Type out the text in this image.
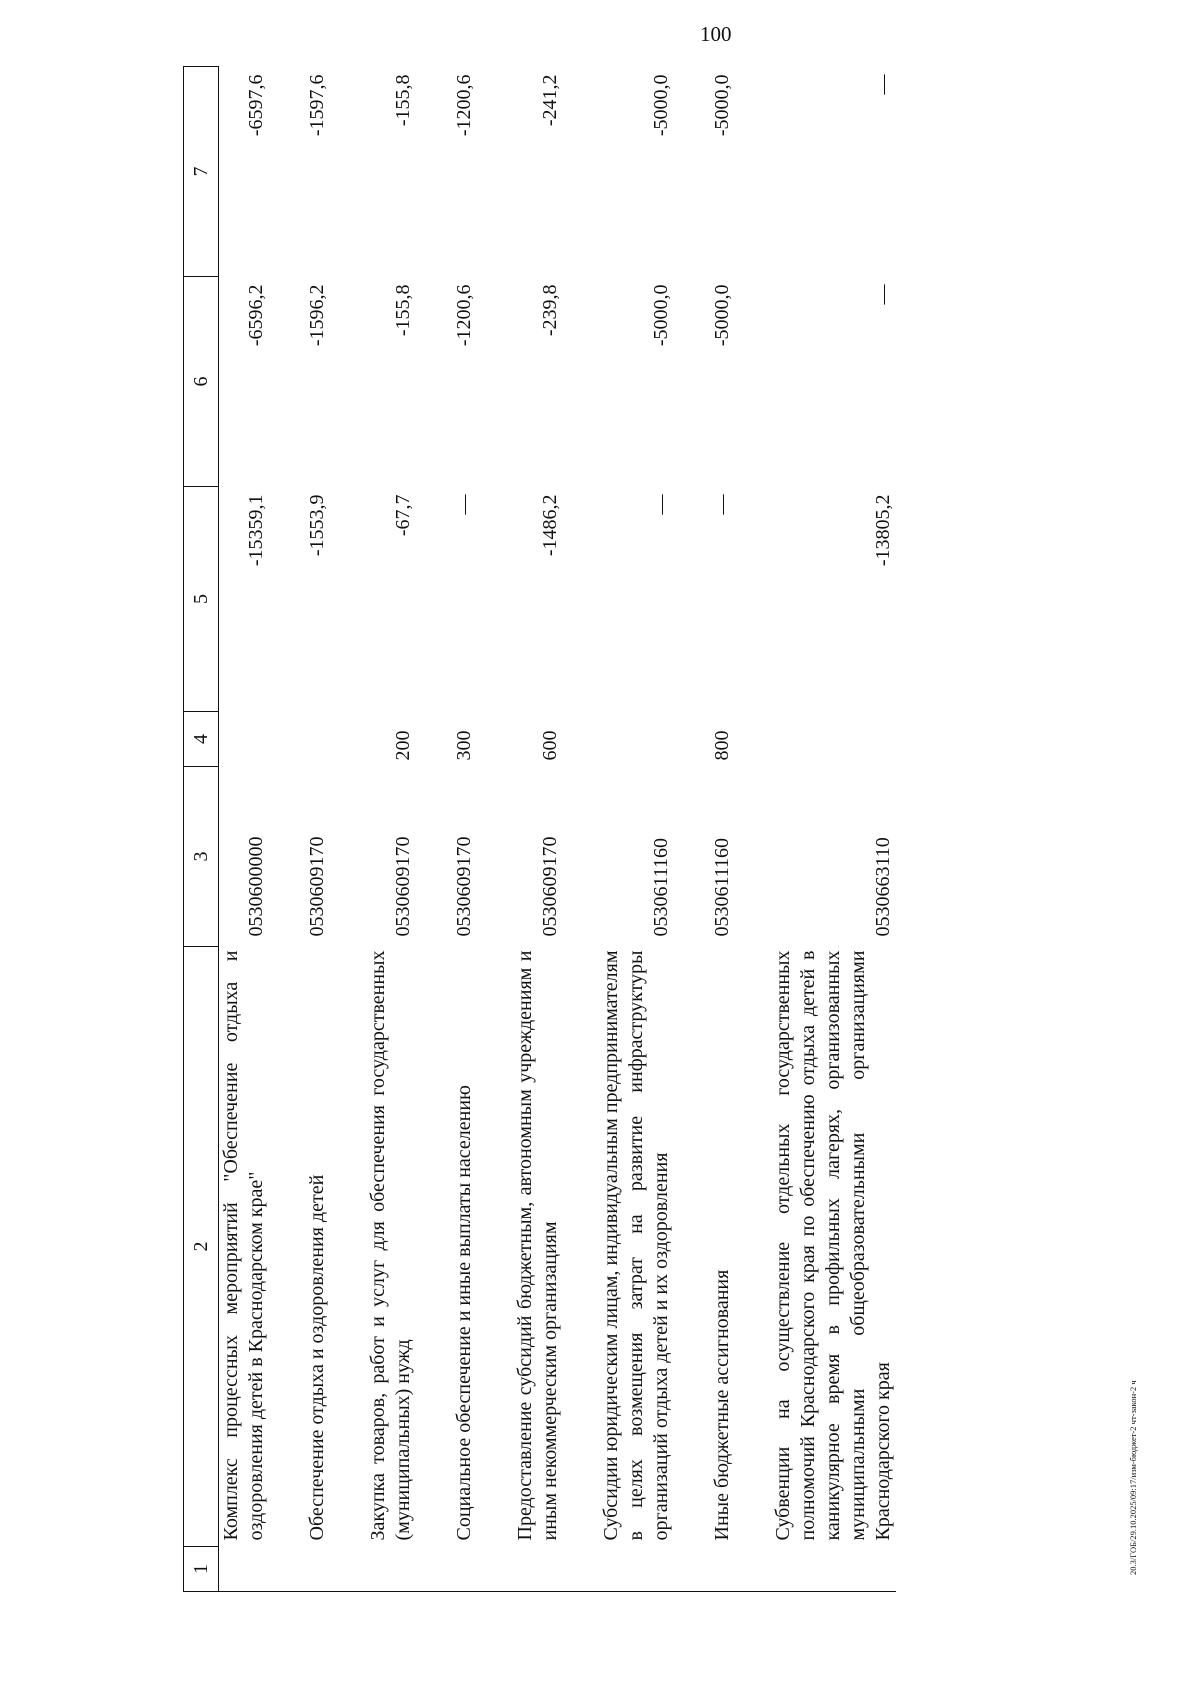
100
20.3/ГОБ/29.10.2025/09:17/изм-бюджет-2 чт-закон-2 ч
1	2	3	4	5	6	7
	Комплекс процессных мероприятий "Обеспечение отдыха и оздоровления детей в Краснодарском крае"	0530600000		-15359,1	-6596,2	-6597,6

	Обеспечение отдыха и оздоровления детей	0530609170		-1553,9	-1596,2	-1597,6

	Закупка товаров, работ и услуг для обеспечения государственных (муниципальных) нужд	0530609170	200	-67,7	-155,8	-155,8

	Социальное обеспечение и иные выплаты населению	0530609170	300	—	-1200,6	-1200,6

	Предоставление субсидий бюджетным, автономным учреждениям и иным некоммерческим организациям	0530609170	600	-1486,2	-239,8	-241,2

	Субсидии юридическим лицам, индивидуальным предпринимателям в целях возмещения затрат на развитие инфраструктуры организаций отдыха детей и их оздоровления	0530611160		—	-5000,0	-5000,0

	Иные бюджетные ассигнования	0530611160	800	—	-5000,0	-5000,0

	Субвенции на осуществление отдельных государственных полномочий Краснодарского края по обеспечению отдыха детей в каникулярное время в профильных лагерях, организованных муниципальными общеобразовательными организациями Краснодарского края	0530663110		-13805,2	—	—
